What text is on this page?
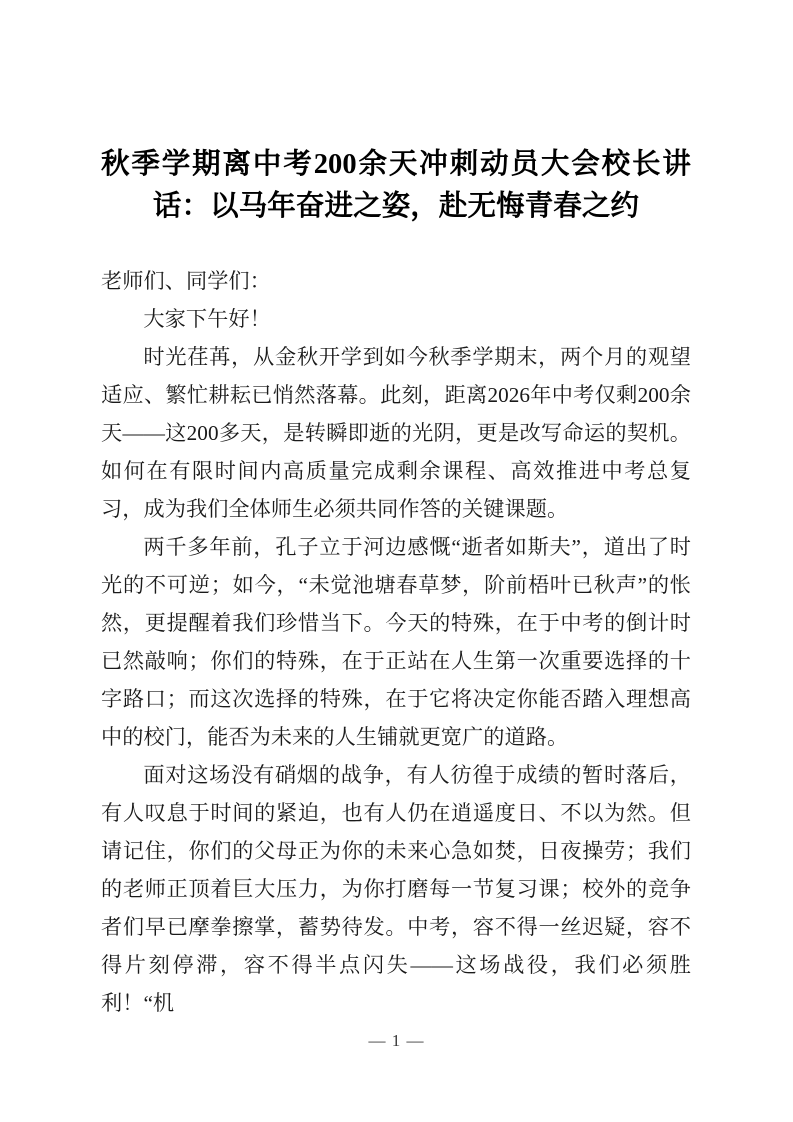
秋季学期离中考200余天冲刺动员大会校长讲话：以马年奋进之姿，赴无悔青春之约

老师们、同学们：

大家下午好！

时光荏苒，从金秋开学到如今秋季学期末，两个月的观望适应、繁忙耕耘已悄然落幕。此刻，距离2026年中考仅剩200余天——这200多天，是转瞬即逝的光阴，更是改写命运的契机。如何在有限时间内高质量完成剩余课程、高效推进中考总复习，成为我们全体师生必须共同作答的关键课题。

两千多年前，孔子立于河边感慨“逝者如斯夫”，道出了时光的不可逆；如今，“未觉池塘春草梦，阶前梧叶已秋声”的怅然，更提醒着我们珍惜当下。今天的特殊，在于中考的倒计时已然敲响；你们的特殊，在于正站在人生第一次重要选择的十字路口；而这次选择的特殊，在于它将决定你能否踏入理想高中的校门，能否为未来的人生铺就更宽广的道路。

面对这场没有硝烟的战争，有人彷徨于成绩的暂时落后，有人叹息于时间的紧迫，也有人仍在逍遥度日、不以为然。但请记住，你们的父母正为你的未来心急如焚，日夜操劳；我们的老师正顶着巨大压力，为你打磨每一节复习课；校外的竞争者们早已摩拳擦掌，蓄势待发。中考，容不得一丝迟疑，容不得片刻停滞，容不得半点闪失——这场战役，我们必须胜利！“机

— 1 —
